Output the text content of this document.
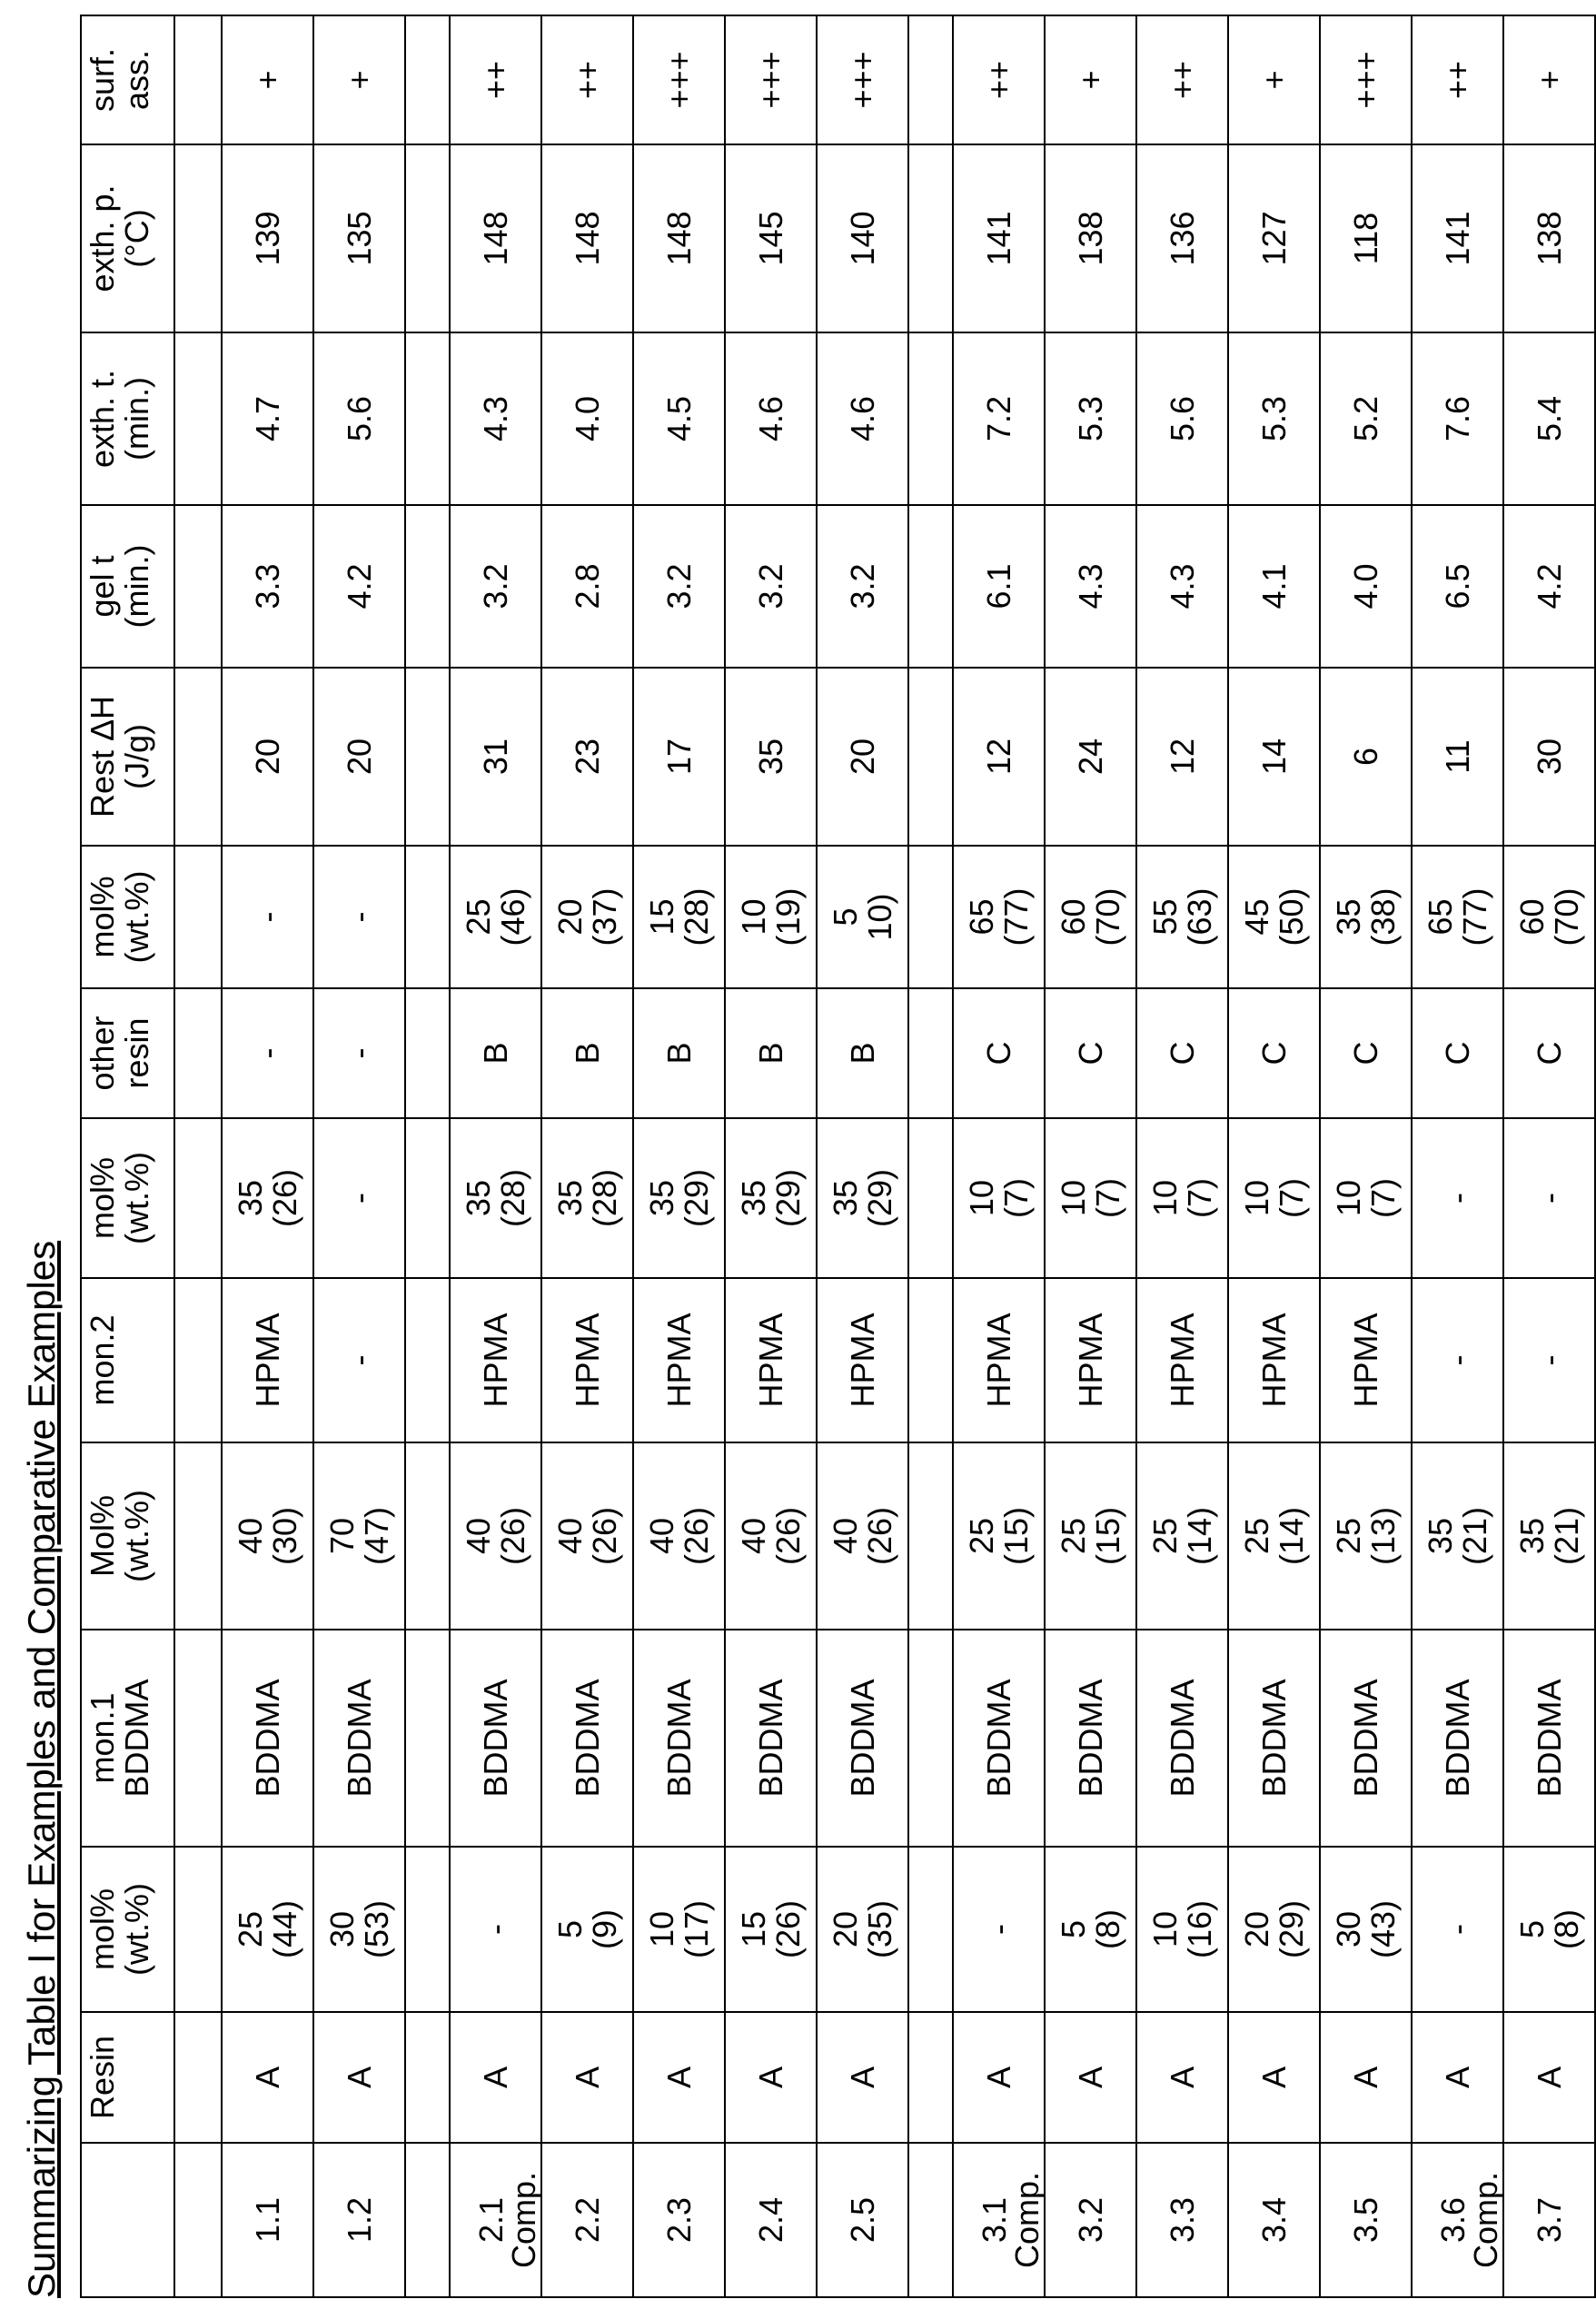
Summarizing Table I for Examples and Comparative Examples
	Resin

mol%
(wt.%)

mon.1
BDDMA

Mol%
(wt.%)

mon.2

mol%
(wt.%)

other
resin

mol%
(wt.%)

Rest ΔH
(J/g)

gel t
(min.)

exth. t.
(min.)

exth. p.
(°C)

surf.
ass.

1.1

A

25
(44)

BDDMA

40
(30)

HPMA

35
(26)

-

-

20

3.3

4.7

139

+

1.2

A

30
(53)

BDDMA

70
(47)

-

-

-

-

20

4.2

5.6

135

+

2.1
Comp.

A

-

BDDMA

40
(26)

HPMA

35
(28)

B

25
(46)

31

3.2

4.3

148

++

2.2

A

5
(9)

BDDMA

40
(26)

HPMA

35
(28)

B

20
(37)

23

2.8

4.0

148

++

2.3

A

10
(17)

BDDMA

40
(26)

HPMA

35
(29)

B

15
(28)

17

3.2

4.5

148

+++

2.4

A

15
(26)

BDDMA

40
(26)

HPMA

35
(29)

B

10
(19)

35

3.2

4.6

145

+++

2.5

A

20
(35)

BDDMA

40
(26)

HPMA

35
(29)

B

5
10)

20

3.2

4.6

140

+++

3.1
Comp.

A

-

BDDMA

25
(15)

HPMA

10
(7)

C

65
(77)

12

6.1

7.2

141

++

3.2

A

5
(8)

BDDMA

25
(15)

HPMA

10
(7)

C

60
(70)

24

4.3

5.3

138

+

3.3

A

10
(16)

BDDMA

25
(14)

HPMA

10
(7)

C

55
(63)

12

4.3

5.6

136

++

3.4

A

20
(29)

BDDMA

25
(14)

HPMA

10
(7)

C

45
(50)

14

4.1

5.3

127

+

3.5

A

30
(43)

BDDMA

25
(13)

HPMA

10
(7)

C

35
(38)

6

4.0

5.2

118

+++

3.6
Comp.

A

-

BDDMA

35
(21)

-

-

C

65
(77)

11

6.5

7.6

141

++

3.7

A

5
(8)

BDDMA

35
(21)

-

-

C

60
(70)

30

4.2

5.4

138

+
